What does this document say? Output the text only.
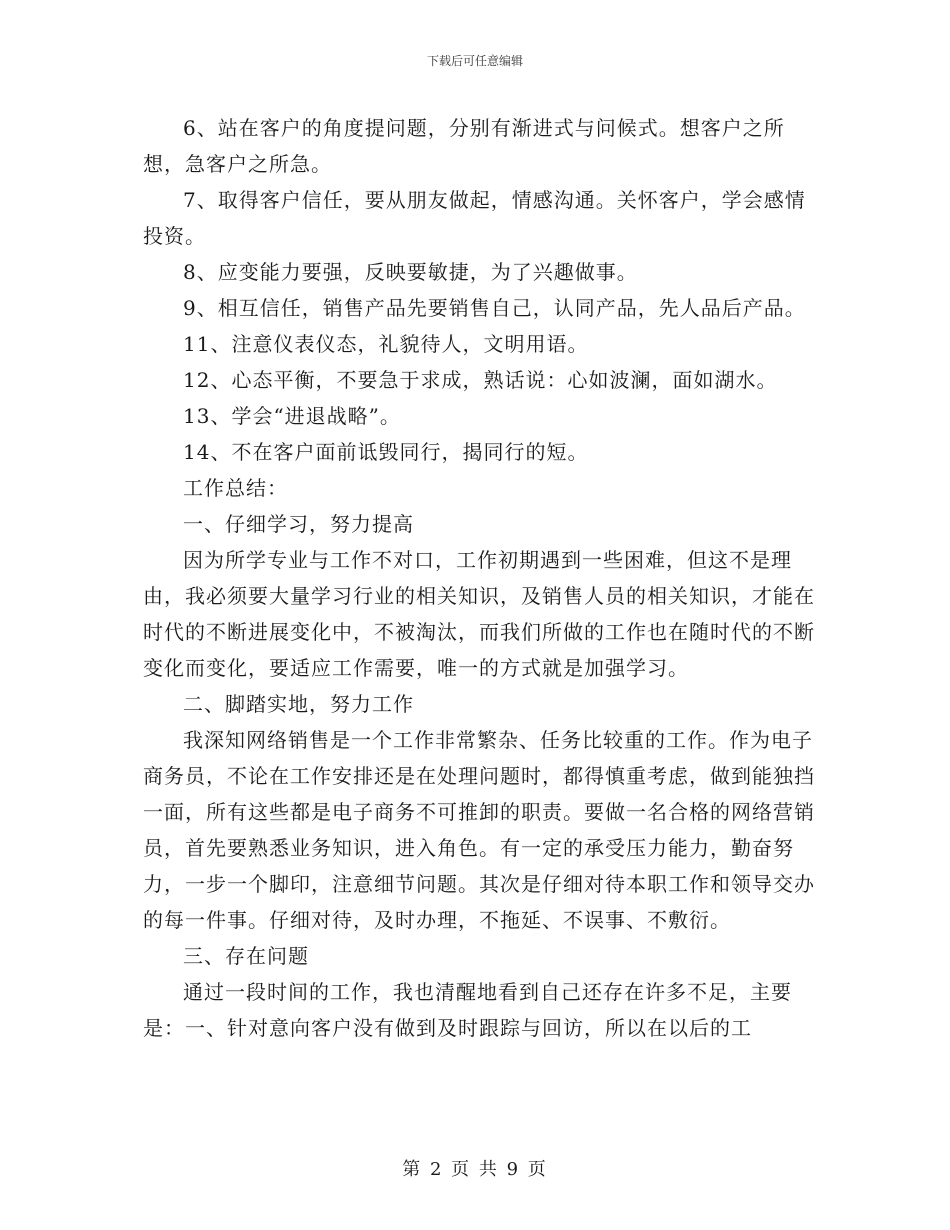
下载后可任意编辑

6、站在客户的角度提问题，分别有渐进式与问候式。想客户之所想，急客户之所急。

7、取得客户信任，要从朋友做起，情感沟通。关怀客户，学会感情投资。

8、应变能力要强，反映要敏捷，为了兴趣做事。

9、相互信任，销售产品先要销售自己，认同产品，先人品后产品。

11、注意仪表仪态，礼貌待人，文明用语。

12、心态平衡，不要急于求成，熟话说：心如波澜，面如湖水。

13、学会“进退战略”。

14、不在客户面前诋毁同行，揭同行的短。

工作总结：

一、仔细学习，努力提高

因为所学专业与工作不对口，工作初期遇到一些困难，但这不是理由，我必须要大量学习行业的相关知识，及销售人员的相关知识，才能在时代的不断进展变化中，不被淘汰，而我们所做的工作也在随时代的不断变化而变化，要适应工作需要，唯一的方式就是加强学习。

二、脚踏实地，努力工作

我深知网络销售是一个工作非常繁杂、任务比较重的工作。作为电子商务员，不论在工作安排还是在处理问题时，都得慎重考虑，做到能独挡一面，所有这些都是电子商务不可推卸的职责。要做一名合格的网络营销员，首先要熟悉业务知识，进入角色。有一定的承受压力能力，勤奋努力，一步一个脚印，注意细节问题。其次是仔细对待本职工作和领导交办的每一件事。仔细对待，及时办理，不拖延、不误事、不敷衍。

三、存在问题

通过一段时间的工作，我也清醒地看到自己还存在许多不足，主要是：一、针对意向客户没有做到及时跟踪与回访，所以在以后的工

第 2 页 共 9 页
